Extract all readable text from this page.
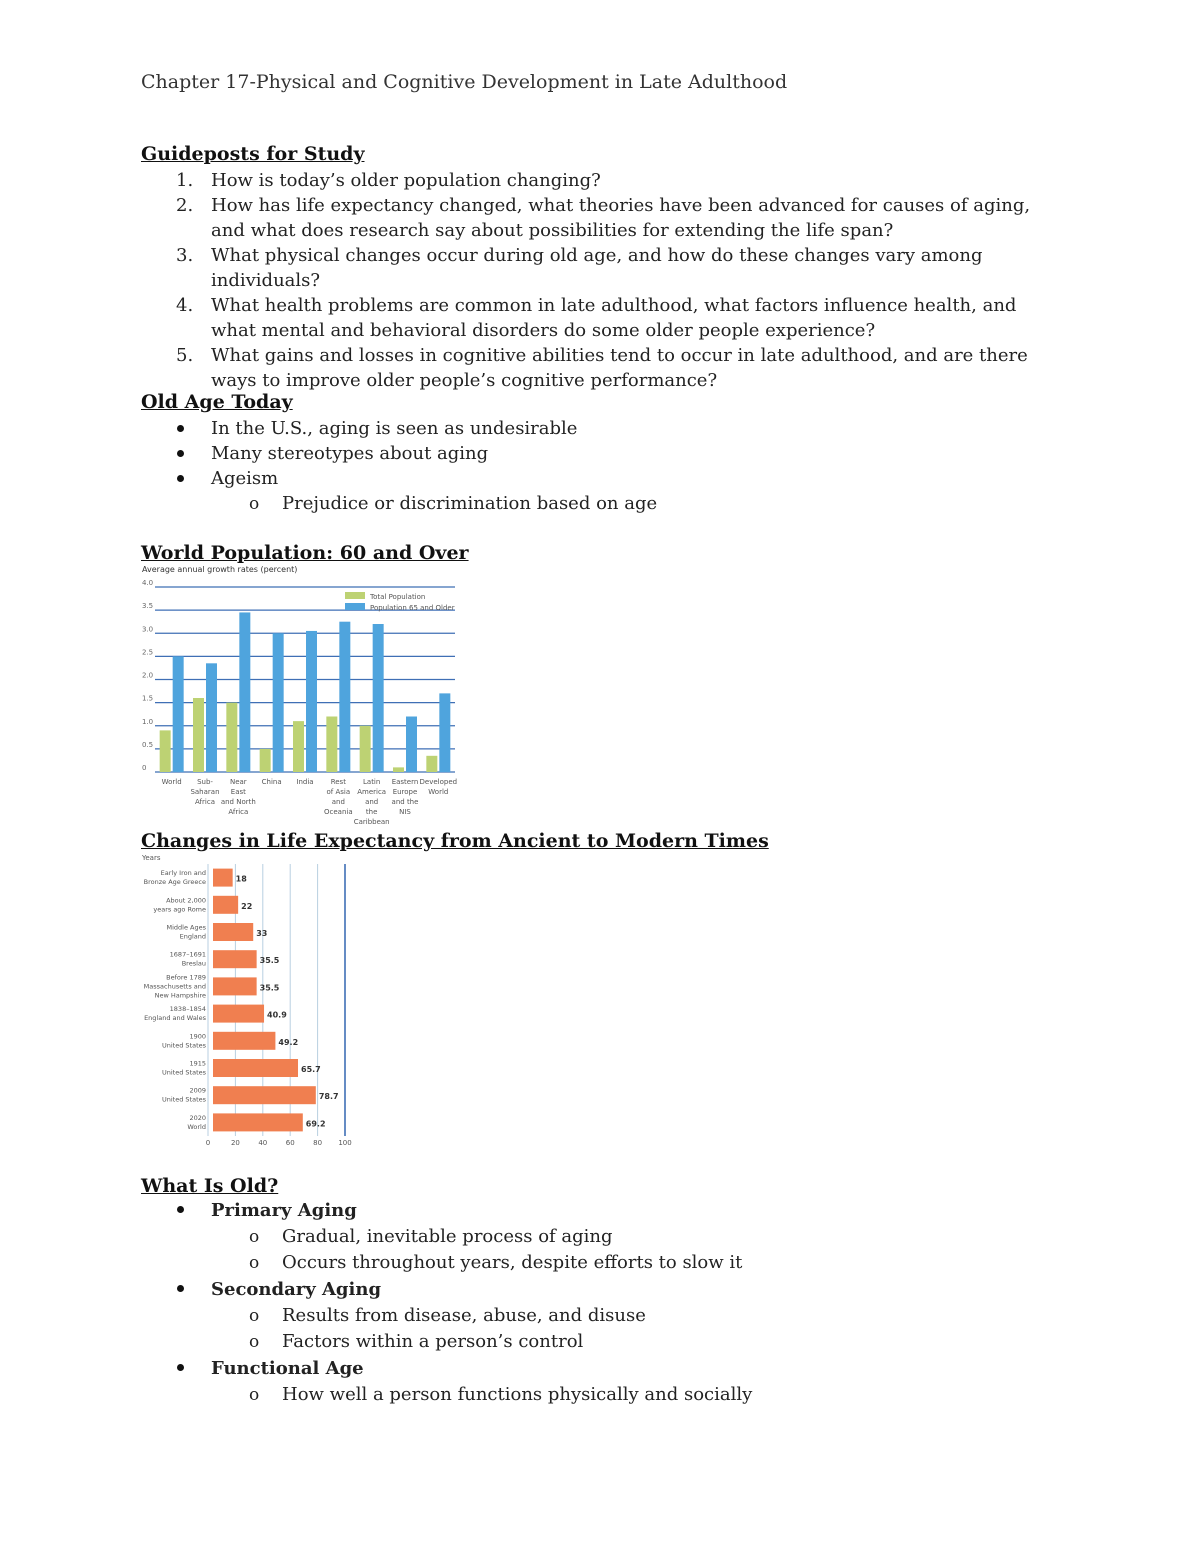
Chapter 17-Physical and Cognitive Development in Late Adulthood
Guideposts for Study
1. How is today’s older population changing?
2. How has life expectancy changed, what theories have been advanced for causes of aging, and what does research say about possibilities for extending the life span?
3. What physical changes occur during old age, and how do these changes vary among individuals?
4. What health problems are common in late adulthood, what factors influence health, and what mental and behavioral disorders do some older people experience?
5. What gains and losses in cognitive abilities tend to occur in late adulthood, and are there ways to improve older people’s cognitive performance?
Old Age Today
In the U.S., aging is seen as undesirable
Many stereotypes about aging
Ageism
o Prejudice or discrimination based on age
World Population: 60 and Over
Average annual growth rates (percent)
0
0.5
1.0
1.5
2.0
2.5
3.0
3.5
4.0
World Sub-
Saharan
Africa
Near
East
and North
Africa
China India Rest
of Asia
and
Oceania
Latin
America
and
the
Caribbean
Eastern
Europe
and the
NIS
Developed
World
Total Population
Population 65 and Older
Changes in Life Expectancy from Ancient to Modern Times
Years
0	20	40	60	80 100
18
Early Iron and
Bronze Age Greece
22
About 2,000
years ago Rome
33
Middle Ages
England
35.5
1687–1691
Breslau
35.5
Before 1789
Massachusetts and
New Hampshire
40.9
1838–1854
England and Wales
49.2
1900
United States
65.7
1915
United States
78.7
2009
United States
69.2
2020
World
What Is Old?
Primary Aging
o Gradual, inevitable process of aging
o Occurs throughout years, despite efforts to slow it
Secondary Aging
o Results from disease, abuse, and disuse
o Factors within a person’s control
Functional Age
o How well a person functions physically and socially
